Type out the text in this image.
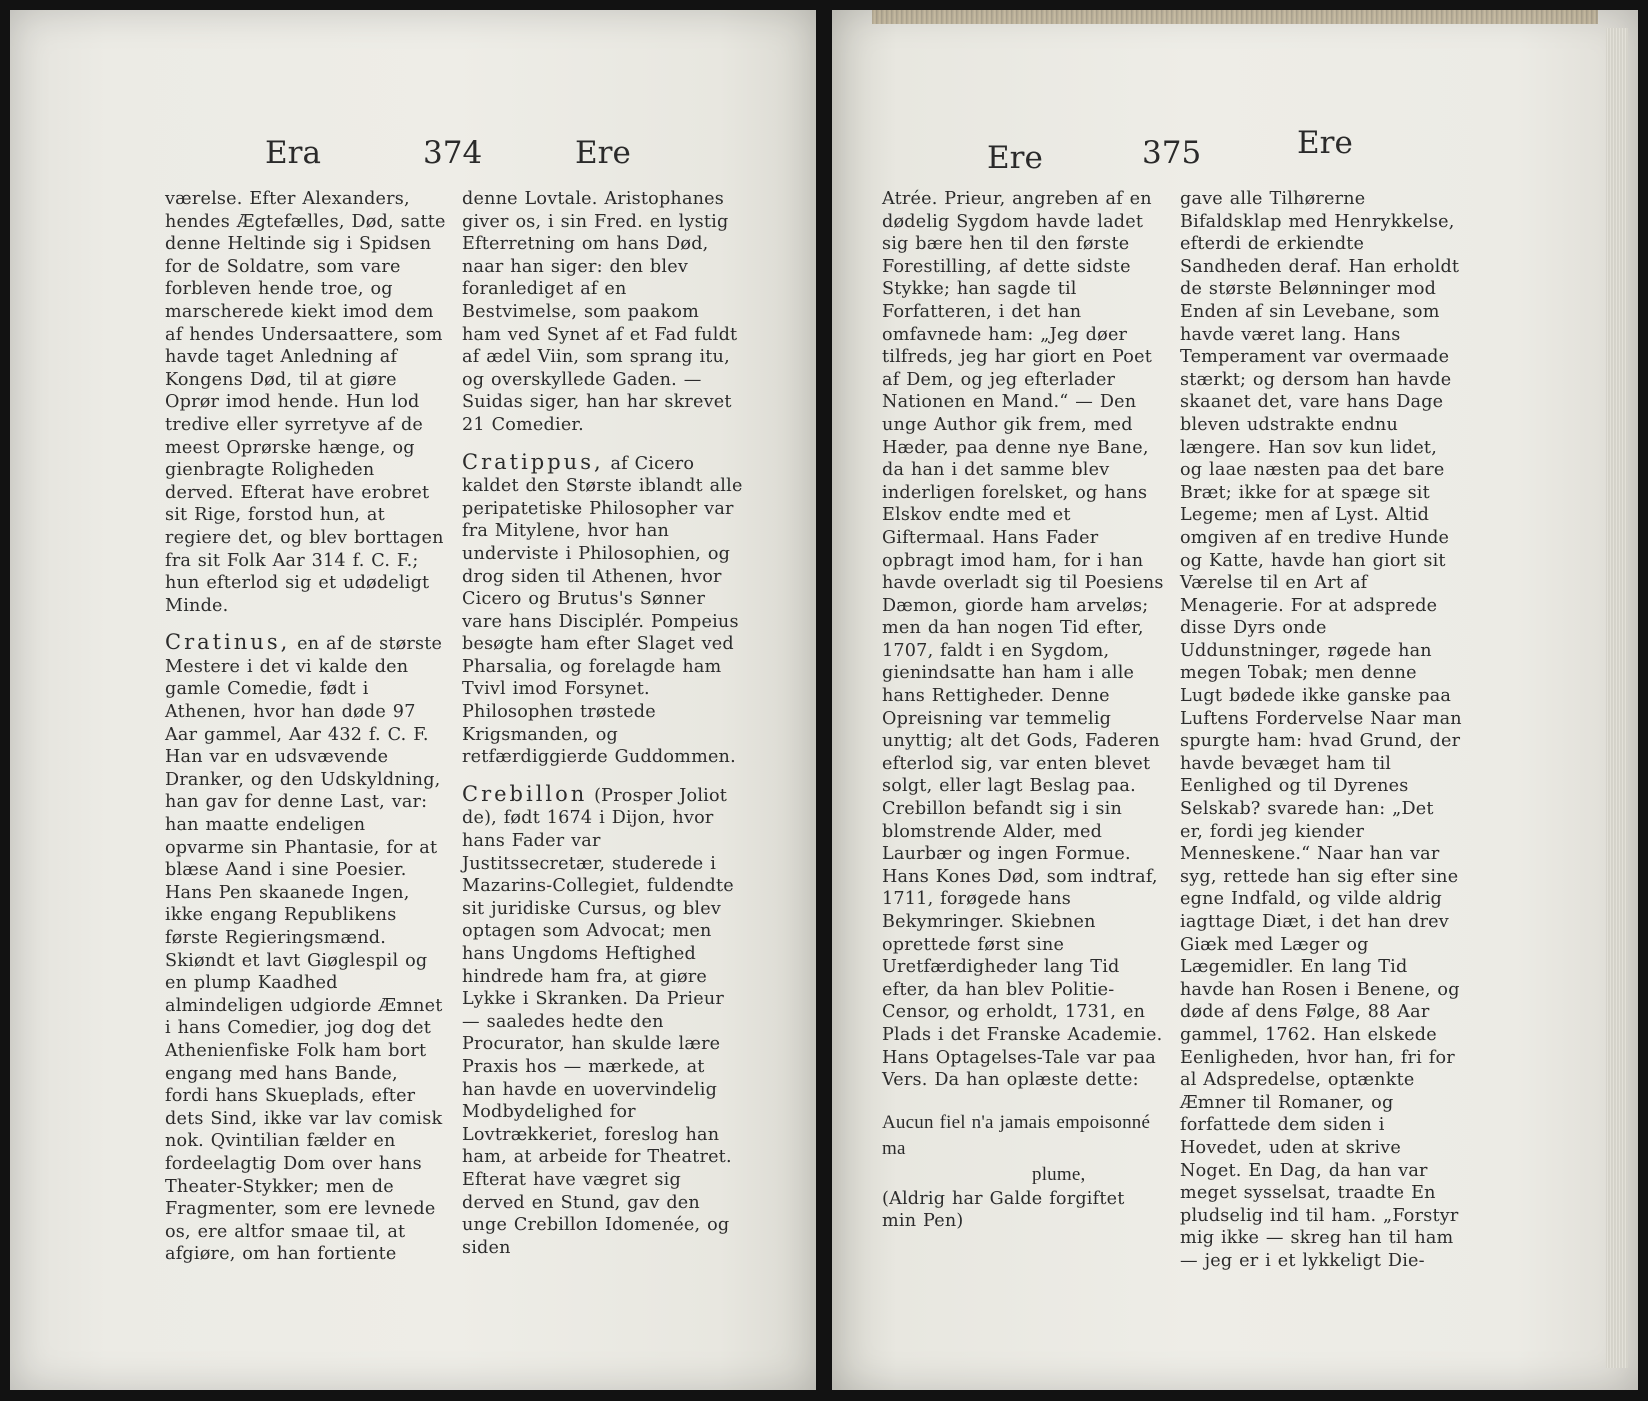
Era	374	Ere

værelse. Efter Alexanders, hendes Ægtefælles, Død, satte denne Heltinde sig i Spidsen for de Soldatre, som vare forbleven hende troe, og marscherede kiekt imod dem af hendes Undersaattere, som havde taget Anledning af Kongens Død, til at giøre Oprør imod hende. Hun lod tredive eller syrretyve af de meest Oprørske hænge, og gienbragte Roligheden derved. Efterat have erobret sit Rige, forstod hun, at regiere det, og blev borttagen fra sit Folk Aar 314 f. C. F.; hun efterlod sig et udødeligt Minde.

Cratinus, en af de største Mestere i det vi kalde den gamle Comedie, født i Athenen, hvor han døde 97 Aar gammel, Aar 432 f. C. F. Han var en udsvævende Dranker, og den Udskyldning, han gav for denne Last, var: han maatte endeligen opvarme sin Phantasie, for at blæse Aand i sine Poesier. Hans Pen skaanede Ingen, ikke engang Republikens første Regieringsmænd. Skiøndt et lavt Giøglespil og en plump Kaadhed almindeligen udgiorde Æmnet i hans Comedier, jog dog det Athenienfiske Folk ham bort engang med hans Bande, fordi hans Skueplads, efter dets Sind, ikke var lav comisk nok. Qvintilian fælder en fordeelagtig Dom over hans Theater-Stykker; men de Fragmenter, som ere levnede os, ere altfor smaae til, at afgiøre, om han fortiente

denne Lovtale. Aristophanes giver os, i sin Fred. en lystig Efterretning om hans Død, naar han siger: den blev foranlediget af en Bestvimelse, som paakom ham ved Synet af et Fad fuldt af ædel Viin, som sprang itu, og overskyllede Gaden. — Suidas siger, han har skrevet 21 Comedier.

Cratippus, af Cicero kaldet den Største iblandt alle peripatetiske Philosopher var fra Mitylene, hvor han underviste i Philosophien, og drog siden til Athenen, hvor Cicero og Brutus's Sønner vare hans Disciplér. Pompeius besøgte ham efter Slaget ved Pharsalia, og forelagde ham Tvivl imod Forsynet. Philosophen trøstede Krigsmanden, og retfærdiggierde Guddommen.

Crebillon (Prosper Joliot de), født 1674 i Dijon, hvor hans Fader var Justitssecretær, studerede i Mazarins-Collegiet, fuldendte sit juridiske Cursus, og blev optagen som Advocat; men hans Ungdoms Heftighed hindrede ham fra, at giøre Lykke i Skranken. Da Prieur — saaledes hedte den Procurator, han skulde lære Praxis hos — mærkede, at han havde en uovervindelig Modbydelighed for Lovtrækkeriet, foreslog han ham, at arbeide for Theatret. Efterat have vægret sig derved en Stund, gav den unge Crebillon Idomenée, og siden

Ere	375	Ere

Atrée. Prieur, angreben af en dødelig Sygdom havde ladet sig bære hen til den første Forestilling, af dette sidste Stykke; han sagde til Forfatteren, i det han omfavnede ham: „Jeg døer tilfreds, jeg har giort en Poet af Dem, og jeg efterlader Nationen en Mand.“ — Den unge Author gik frem, med Hæder, paa denne nye Bane, da han i det samme blev inderligen forelsket, og hans Elskov endte med et Giftermaal. Hans Fader opbragt imod ham, for i han havde overladt sig til Poesiens Dæmon, giorde ham arveløs; men da han nogen Tid efter, 1707, faldt i en Sygdom, gienindsatte han ham i alle hans Rettigheder. Denne Opreisning var temmelig unyttig; alt det Gods, Faderen efterlod sig, var enten blevet solgt, eller lagt Beslag paa. Crebillon befandt sig i sin blomstrende Alder, med Laurbær og ingen Formue. Hans Kones Død, som indtraf, 1711, forøgede hans Bekymringer. Skiebnen oprettede først sine Uretfærdigheder lang Tid efter, da han blev Politie-Censor, og erholdt, 1731, en Plads i det Franske Academie. Hans Optagelses-Tale var paa Vers. Da han oplæste dette:

Aucun fiel n'a jamais empoisonné ma
plume,

(Aldrig har Galde forgiftet min Pen)

gave alle Tilhørerne Bifaldsklap med Henrykkelse, efterdi de erkiendte Sandheden deraf. Han erholdt de største Belønninger mod Enden af sin Levebane, som havde været lang. Hans Temperament var overmaade stærkt; og dersom han havde skaanet det, vare hans Dage bleven udstrakte endnu længere. Han sov kun lidet, og laae næsten paa det bare Bræt; ikke for at spæge sit Legeme; men af Lyst. Altid omgiven af en tredive Hunde og Katte, havde han giort sit Værelse til en Art af Menagerie. For at adsprede disse Dyrs onde Uddunstninger, røgede han megen Tobak; men denne Lugt bødede ikke ganske paa Luftens Fordervelse Naar man spurgte ham: hvad Grund, der havde bevæget ham til Eenlighed og til Dyrenes Selskab? svarede han: „Det er, fordi jeg kiender Menneskene.“ Naar han var syg, rettede han sig efter sine egne Indfald, og vilde aldrig iagttage Diæt, i det han drev Giæk med Læger og Lægemidler. En lang Tid havde han Rosen i Benene, og døde af dens Følge, 88 Aar gammel, 1762. Han elskede Eenligheden, hvor han, fri for al Adspredelse, optænkte Æmner til Romaner, og forfattede dem siden i Hovedet, uden at skrive Noget. En Dag, da han var meget sysselsat, traadte En pludselig ind til ham. „Forstyr mig ikke — skreg han til ham — jeg er i et lykkeligt Die-
